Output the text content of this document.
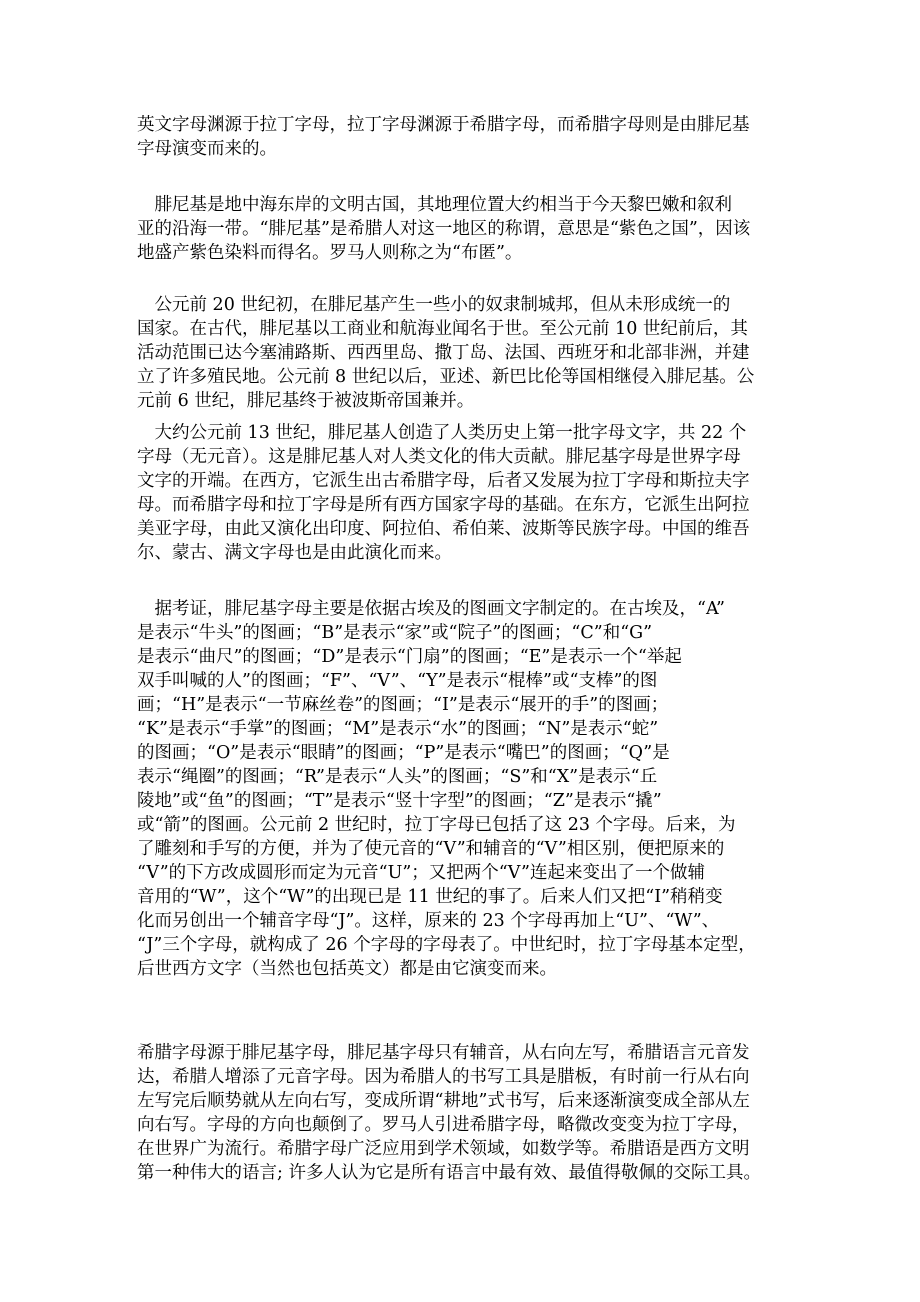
英文字母渊源于拉丁字母，拉丁字母渊源于希腊字母，而希腊字母则是由腓尼基
字母演变而来的。
　腓尼基是地中海东岸的文明古国，其地理位置大约相当于今天黎巴嫩和叙利
亚的沿海一带。“腓尼基”是希腊人对这一地区的称谓，意思是“紫色之国”，因该
地盛产紫色染料而得名。罗马人则称之为“布匿”。
　公元前 20 世纪初，在腓尼基产生一些小的奴隶制城邦，但从未形成统一的
国家。在古代，腓尼基以工商业和航海业闻名于世。至公元前 10 世纪前后，其
活动范围已达今塞浦路斯、西西里岛、撒丁岛、法国、西班牙和北部非洲，并建
立了许多殖民地。公元前 8 世纪以后，亚述、新巴比伦等国相继侵入腓尼基。公
元前 6 世纪，腓尼基终于被波斯帝国兼并。
　大约公元前 13 世纪，腓尼基人创造了人类历史上第一批字母文字，共 22 个
字母（无元音）。这是腓尼基人对人类文化的伟大贡献。腓尼基字母是世界字母
文字的开端。在西方，它派生出古希腊字母，后者又发展为拉丁字母和斯拉夫字
母。而希腊字母和拉丁字母是所有西方国家字母的基础。在东方，它派生出阿拉
美亚字母，由此又演化出印度、阿拉伯、希伯莱、波斯等民族字母。中国的维吾
尔、蒙古、满文字母也是由此演化而来。
　据考证，腓尼基字母主要是依据古埃及的图画文字制定的。在古埃及，“A”
是表示“牛头”的图画；“B”是表示“家”或“院子”的图画；“C”和“G”
是表示“曲尺”的图画；“D”是表示“门扇”的图画；“E”是表示一个“举起
双手叫喊的人”的图画；“F”、“V”、“Y”是表示“棍棒”或“支棒”的图
画；“H”是表示“一节麻丝卷”的图画；“I”是表示“展开的手”的图画；
“K”是表示“手掌”的图画；“M”是表示“水”的图画；“N”是表示“蛇”
的图画；“O”是表示“眼睛”的图画；“P”是表示“嘴巴”的图画；“Q”是
表示“绳圈”的图画；“R”是表示“人头”的图画；“S”和“X”是表示“丘
陵地”或“鱼”的图画；“T”是表示“竖十字型”的图画；“Z”是表示“撬”
或“箭”的图画。公元前 2 世纪时，拉丁字母已包括了这 23 个字母。后来，为
了雕刻和手写的方便，并为了使元音的“V”和辅音的“V”相区别，便把原来的
“V”的下方改成圆形而定为元音“U”；又把两个“V”连起来变出了一个做辅
音用的“W”，这个“W”的出现已是 11 世纪的事了。后来人们又把“I”稍稍变
化而另创出一个辅音字母“J”。这样，原来的 23 个字母再加上“U”、“W”、
“J”三个字母，就构成了 26 个字母的字母表了。中世纪时，拉丁字母基本定型，
后世西方文字（当然也包括英文）都是由它演变而来。
希腊字母源于腓尼基字母，腓尼基字母只有辅音，从右向左写，希腊语言元音发
达，希腊人增添了元音字母。因为希腊人的书写工具是腊板，有时前一行从右向
左写完后顺势就从左向右写，变成所谓“耕地”式书写，后来逐渐演变成全部从左
向右写。字母的方向也颠倒了。罗马人引进希腊字母，略微改变变为拉丁字母，
在世界广为流行。希腊字母广泛应用到学术领域，如数学等。希腊语是西方文明
第一种伟大的语言; 许多人认为它是所有语言中最有效、最值得敬佩的交际工具。
